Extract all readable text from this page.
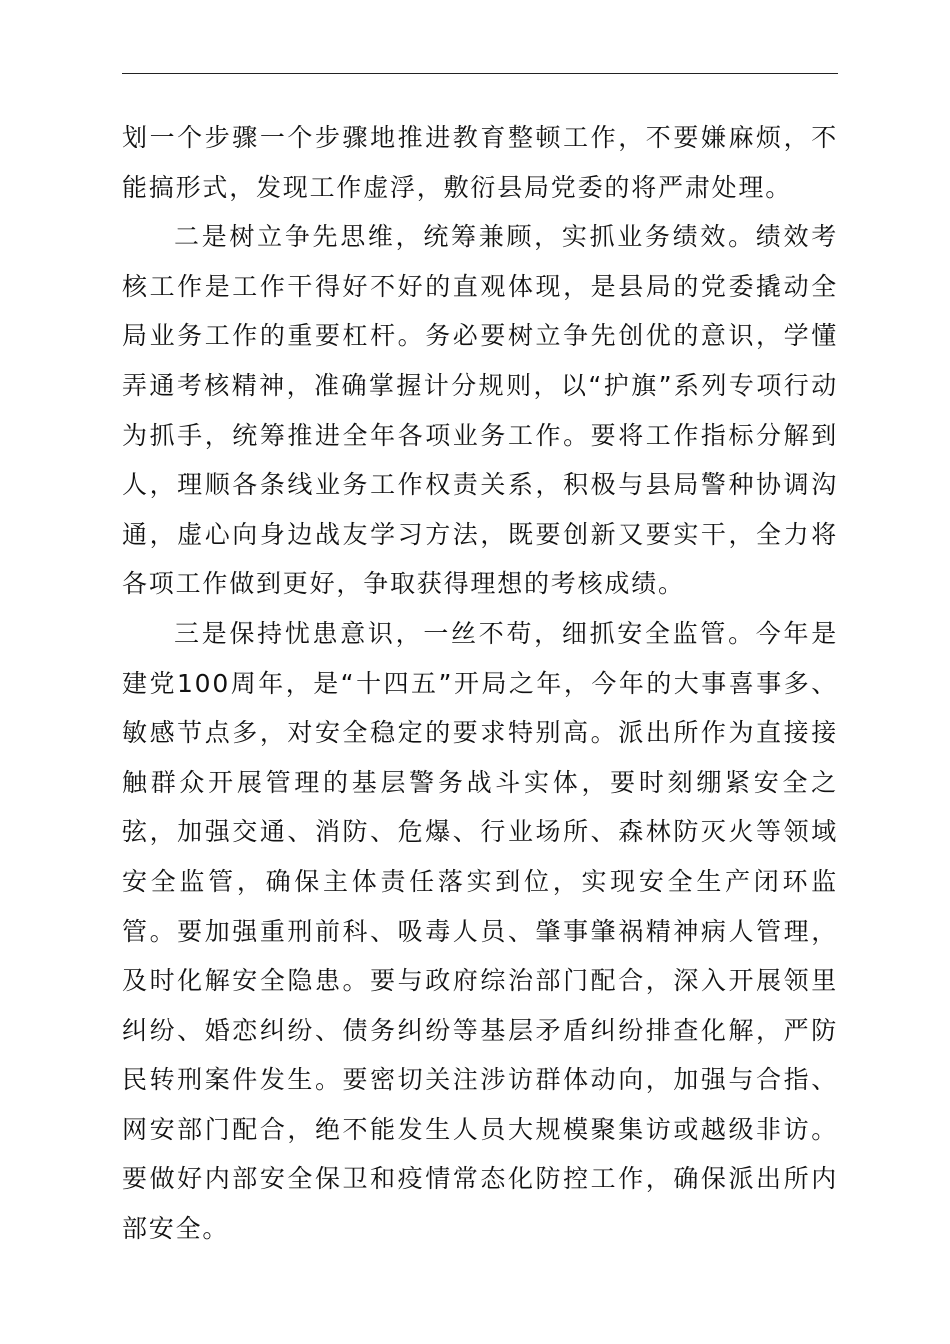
划一个步骤一个步骤地推进教育整顿工作，不要嫌麻烦，不能搞形式，发现工作虚浮，敷衍县局党委的将严肃处理。

二是树立争先思维，统筹兼顾，实抓业务绩效。绩效考核工作是工作干得好不好的直观体现，是县局的党委撬动全局业务工作的重要杠杆。务必要树立争先创优的意识，学懂弄通考核精神，准确掌握计分规则，以“护旗”系列专项行动为抓手，统筹推进全年各项业务工作。要将工作指标分解到人，理顺各条线业务工作权责关系，积极与县局警种协调沟通，虚心向身边战友学习方法，既要创新又要实干，全力将各项工作做到更好，争取获得理想的考核成绩。

三是保持忧患意识，一丝不苟，细抓安全监管。今年是建党100周年，是“十四五”开局之年，今年的大事喜事多、敏感节点多，对安全稳定的要求特别高。派出所作为直接接触群众开展管理的基层警务战斗实体，要时刻绷紧安全之弦，加强交通、消防、危爆、行业场所、森林防灭火等领域安全监管，确保主体责任落实到位，实现安全生产闭环监管。要加强重刑前科、吸毒人员、肇事肇祸精神病人管理，及时化解安全隐患。要与政府综治部门配合，深入开展领里纠纷、婚恋纠纷、债务纠纷等基层矛盾纠纷排查化解，严防民转刑案件发生。要密切关注涉访群体动向，加强与合指、网安部门配合，绝不能发生人员大规模聚集访或越级非访。要做好内部安全保卫和疫情常态化防控工作，确保派出所内部安全。
